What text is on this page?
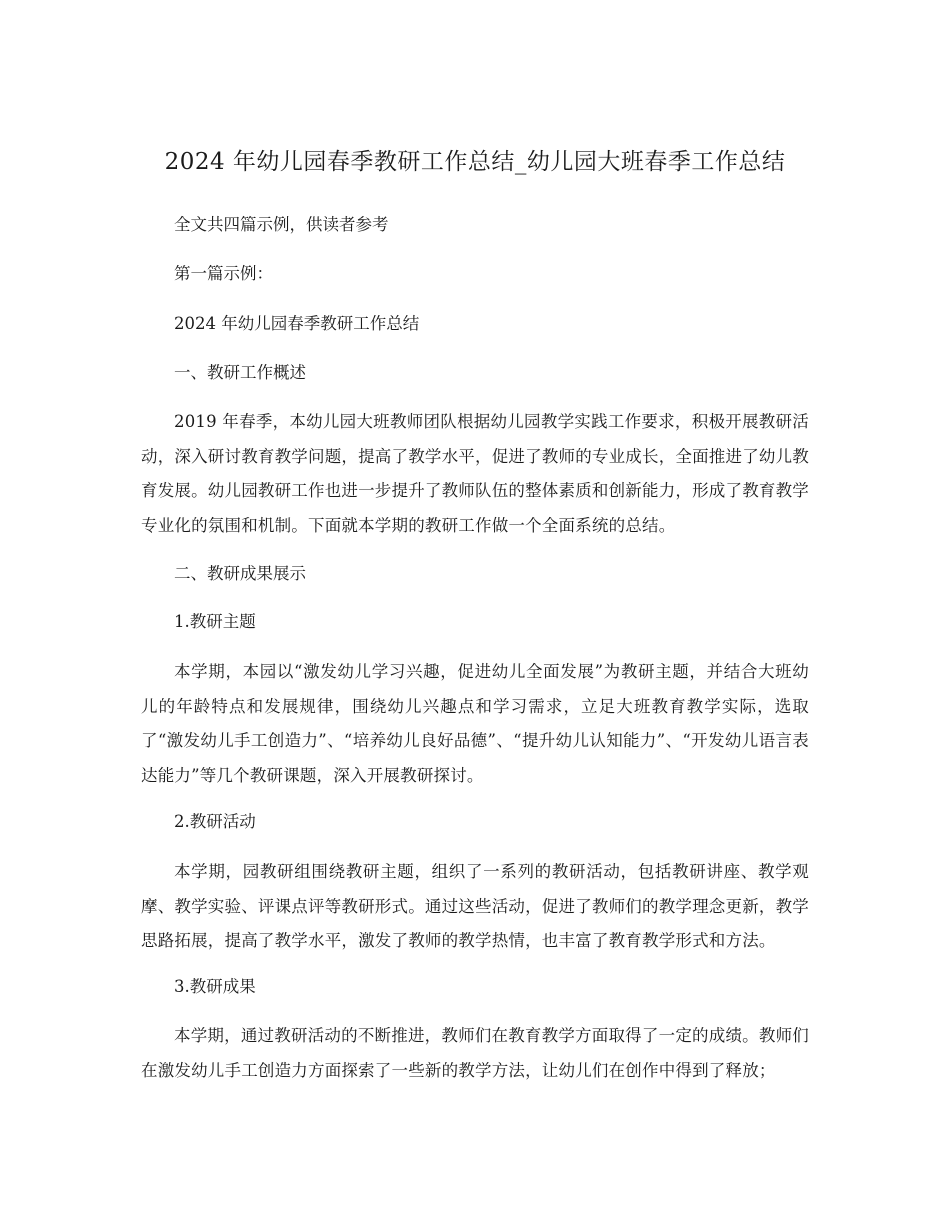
2024 年幼儿园春季教研工作总结_幼儿园大班春季工作总结
全文共四篇示例，供读者参考
第一篇示例：
2024 年幼儿园春季教研工作总结
一、教研工作概述
2019 年春季，本幼儿园大班教师团队根据幼儿园教学实践工作要求，积极开展教研活动，深入研讨教育教学问题，提高了教学水平，促进了教师的专业成长，全面推进了幼儿教育发展。幼儿园教研工作也进一步提升了教师队伍的整体素质和创新能力，形成了教育教学专业化的氛围和机制。下面就本学期的教研工作做一个全面系统的总结。
二、教研成果展示
1.教研主题
本学期，本园以“激发幼儿学习兴趣，促进幼儿全面发展”为教研主题，并结合大班幼儿的年龄特点和发展规律，围绕幼儿兴趣点和学习需求，立足大班教育教学实际，选取了“激发幼儿手工创造力”、“培养幼儿良好品德”、“提升幼儿认知能力”、“开发幼儿语言表达能力”等几个教研课题，深入开展教研探讨。
2.教研活动
本学期，园教研组围绕教研主题，组织了一系列的教研活动，包括教研讲座、教学观摩、教学实验、评课点评等教研形式。通过这些活动，促进了教师们的教学理念更新，教学思路拓展，提高了教学水平，激发了教师的教学热情，也丰富了教育教学形式和方法。
3.教研成果
本学期，通过教研活动的不断推进，教师们在教育教学方面取得了一定的成绩。教师们在激发幼儿手工创造力方面探索了一些新的教学方法，让幼儿们在创作中得到了释放；
